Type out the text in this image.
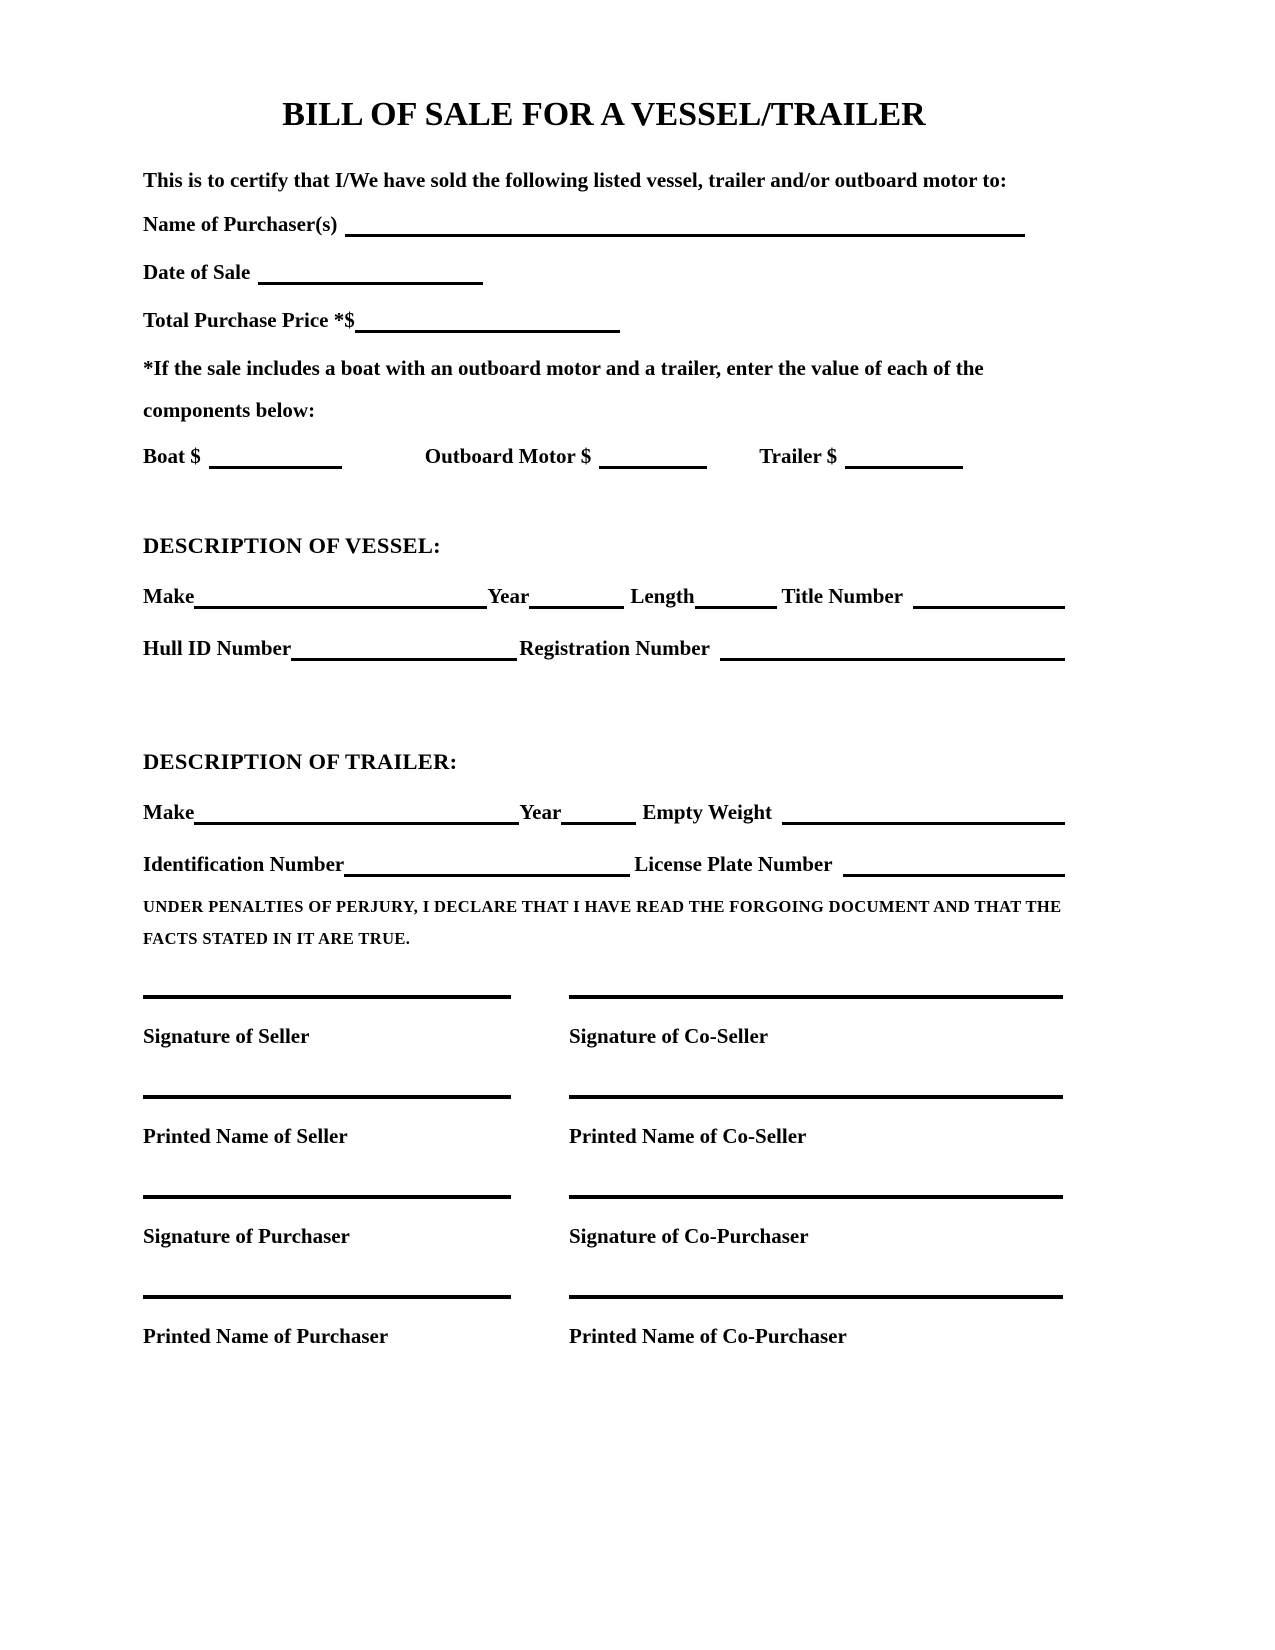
BILL OF SALE FOR A VESSEL/TRAILER

This is to certify that I/We have sold the following listed vessel, trailer and/or outboard motor to:

Name of Purchaser(s)
Date of Sale
Total Purchase Price *$

*If the sale includes a boat with an outboard motor and a trailer, enter the value of each of the components below:

Boat $	Outboard Motor $	Trailer $
DESCRIPTION OF VESSEL:
Make	Year	Length	Title Number
Hull ID Number	Registration Number
DESCRIPTION OF TRAILER:
Make	Year	Empty Weight
Identification Number	License Plate Number

UNDER PENALTIES OF PERJURY, I DECLARE THAT I HAVE READ THE FORGOING DOCUMENT AND THAT THE FACTS STATED IN IT ARE TRUE.

Signature of Seller	Signature of Co-Seller
Printed Name of Seller	Printed Name of Co-Seller
Signature of Purchaser	Signature of Co-Purchaser
Printed Name of Purchaser	Printed Name of Co-Purchaser
